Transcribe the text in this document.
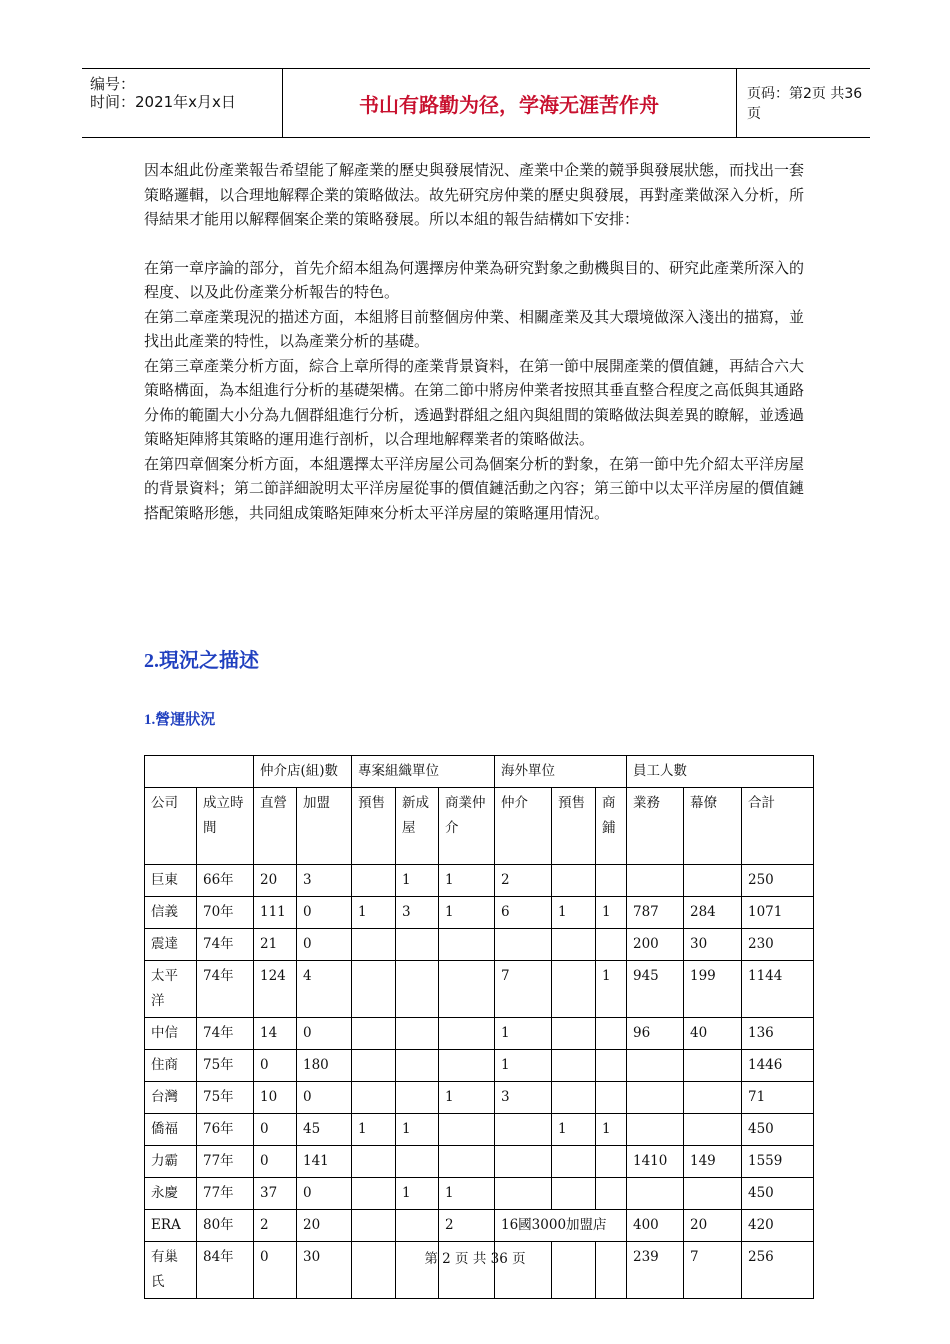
编号：
时间：2021年x月x日	书山有路勤为径，学海无涯苦作舟	页码：第2页 共36页

因本組此份產業報告希望能了解產業的歷史與發展情況、產業中企業的競爭與發展狀態，而找出一套策略邏輯，以合理地解釋企業的策略做法。故先研究房仲業的歷史與發展，再對產業做深入分析，所得結果才能用以解釋個案企業的策略發展。所以本組的報告結構如下安排：

在第一章序論的部分，首先介紹本組為何選擇房仲業為研究對象之動機與目的、研究此產業所深入的程度、以及此份產業分析報告的特色。

在第二章產業現況的描述方面，本組將目前整個房仲業、相關產業及其大環境做深入淺出的描寫，並找出此產業的特性，以為產業分析的基礎。

在第三章產業分析方面，綜合上章所得的產業背景資料，在第一節中展開產業的價值鏈，再結合六大策略構面，為本組進行分析的基礎架構。在第二節中將房仲業者按照其垂直整合程度之高低與其通路分佈的範圍大小分為九個群組進行分析，透過對群組之組內與組間的策略做法與差異的瞭解，並透過策略矩陣將其策略的運用進行剖析，以合理地解釋業者的策略做法。

在第四章個案分析方面，本組選擇太平洋房屋公司為個案分析的對象，在第一節中先介紹太平洋房屋的背景資料；第二節詳細說明太平洋房屋從事的價值鏈活動之內容；第三節中以太平洋房屋的價值鏈搭配策略形態，共同組成策略矩陣來分析太平洋房屋的策略運用情況。

2.現況之描述
1.營運狀況
		仲介店(組)數		專案組織單位			海外單位			員工人數		
公司	成立時間	直營	加盟	預售	新成屋	商業仲介	仲介	預售	商鋪	業務	幕僚	合計
巨東	66年	20	3		1	1	2					250
信義	70年	111	0	1	3	1	6	1	1	787	284	1071
震達	74年	21	0							200	30	230
太平洋	74年	124	4				7		1	945	199	1144
中信	74年	14	0				1			96	40	136
住商	75年	0	180				1					1446
台灣	75年	10	0			1	3					71
僑福	76年	0	45	1	1			1	1			450
力霸	77年	0	141							1410	149	1559
永慶	77年	37	0		1	1						450
ERA	80年	2	20			2	16國3000加盟店			400	20	420
有巢氏	84年	0	30							239	7	256
第 2 页 共 36 页
